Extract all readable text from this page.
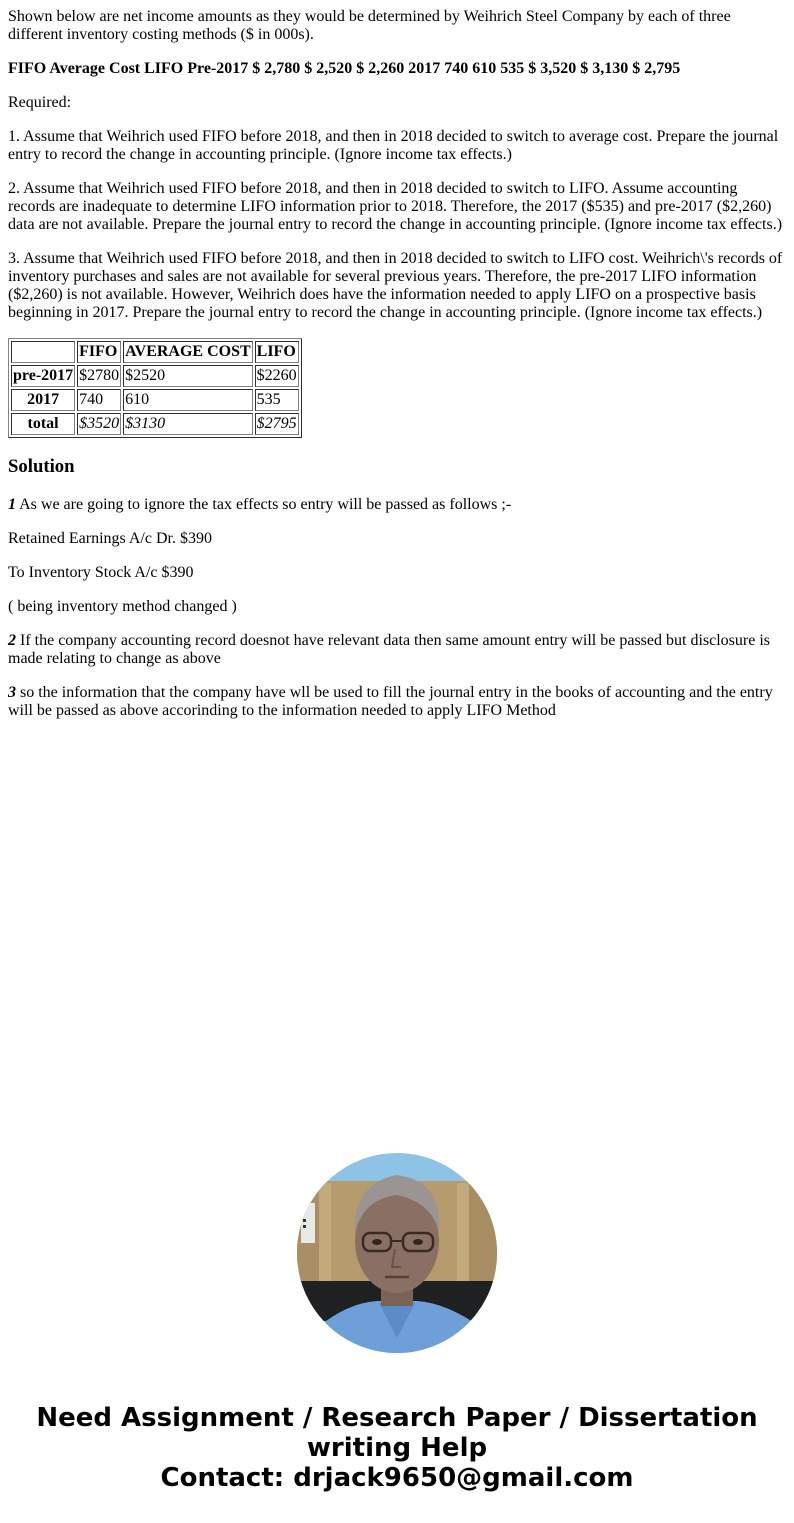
Shown below are net income amounts as they would be determined by Weihrich Steel Company by each of three different inventory costing methods ($ in 000s).

FIFO Average Cost LIFO Pre-2017 $ 2,780 $ 2,520 $ 2,260 2017 740 610 535 $ 3,520 $ 3,130 $ 2,795

Required:

1. Assume that Weihrich used FIFO before 2018, and then in 2018 decided to switch to average cost. Prepare the journal entry to record the change in accounting principle. (Ignore income tax effects.)

2. Assume that Weihrich used FIFO before 2018, and then in 2018 decided to switch to LIFO. Assume accounting records are inadequate to determine LIFO information prior to 2018. Therefore, the 2017 ($535) and pre-2017 ($2,260) data are not available. Prepare the journal entry to record the change in accounting principle. (Ignore income tax effects.)

3. Assume that Weihrich used FIFO before 2018, and then in 2018 decided to switch to LIFO cost. Weihrich\'s records of inventory purchases and sales are not available for several previous years. Therefore, the pre-2017 LIFO information ($2,260) is not available. However, Weihrich does have the information needed to apply LIFO on a prospective basis beginning in 2017. Prepare the journal entry to record the change in accounting principle. (Ignore income tax effects.)

	FIFO	AVERAGE COST	LIFO
pre-2017	$2780	$2520	$2260
2017	740	610	535
total	$3520	$3130	$2795
Solution

1 As we are going to ignore the tax effects so entry will be passed as follows ;-

Retained Earnings A/c Dr. $390

To Inventory Stock A/c $390

( being inventory method changed )

2 If the company accounting record doesnot have relevant data then same amount entry will be passed but disclosure is made relating to change as above

3 so the information that the company have wll be used to fill the journal entry in the books of accounting and the entry will be passed as above accorinding to the information needed to apply LIFO Method

Need Assignment / Research Paper / Dissertation
writing Help
Contact: drjack9650@gmail.com
